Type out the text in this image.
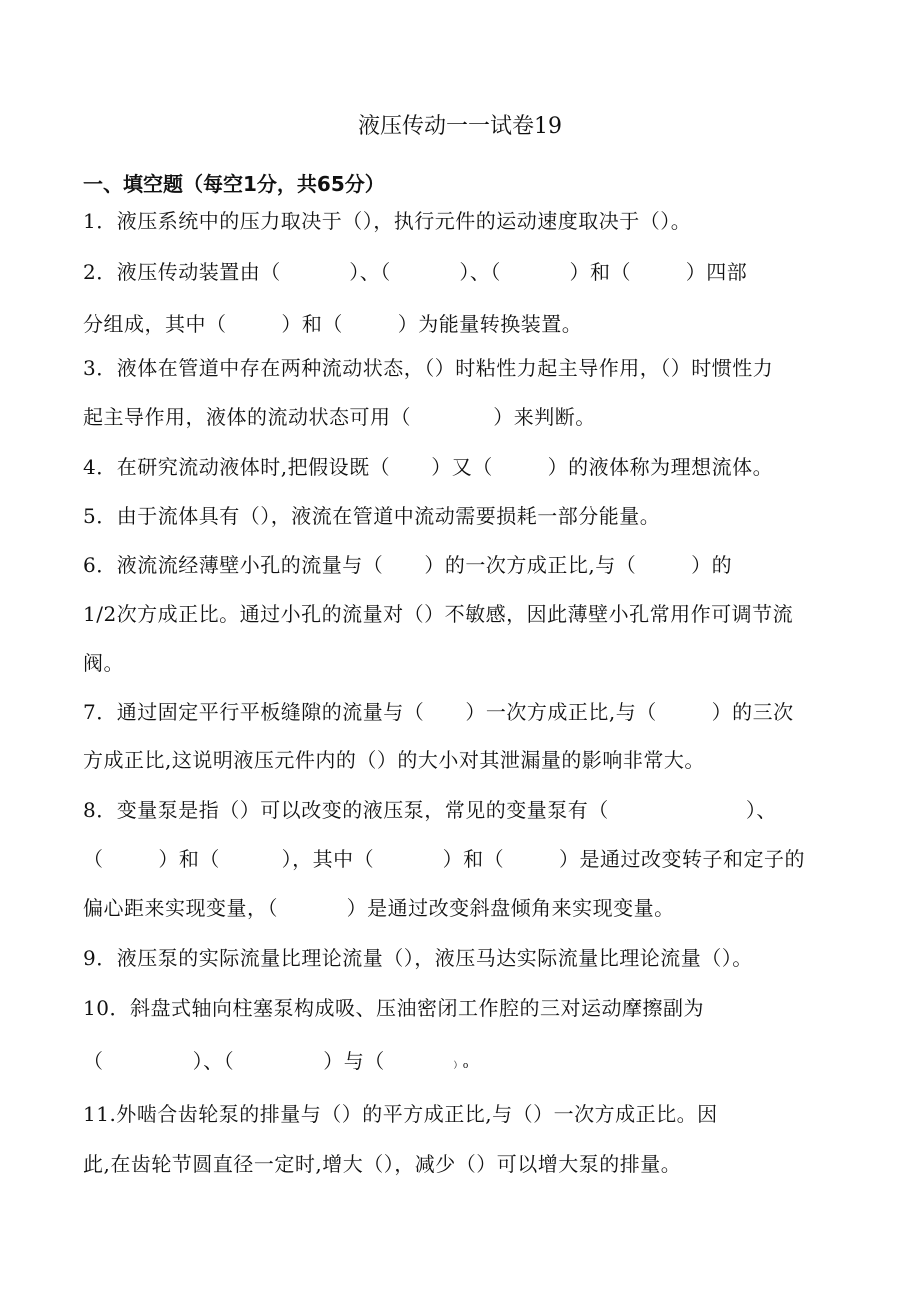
液压传动一一试卷19
一、填空题（每空1分，共65分）
1．液压系统中的压力取决于（），执行元件的运动速度取决于（）。
2．液压传动装置由（          ）、（          ）、（          ）和（        ）四部
分组成，其中（        ）和（        ）为能量转换装置。
3．液体在管道中存在两种流动状态，（）时粘性力起主导作用，（）时惯性力
起主导作用，液体的流动状态可用（            ）来判断。
4．在研究流动液体时,把假设既（      ）又（        ）的液体称为理想流体。
5．由于流体具有（），液流在管道中流动需要损耗一部分能量。
6．液流流经薄壁小孔的流量与（      ）的一次方成正比,与（        ）的
1/2次方成正比。通过小孔的流量对（）不敏感，因此薄壁小孔常用作可调节流
阀。
7．通过固定平行平板缝隙的流量与（      ）一次方成正比,与（        ）的三次
方成正比,这说明液压元件内的（）的大小对其泄漏量的影响非常大。
8．变量泵是指（）可以改变的液压泵，常见的变量泵有（                    ）、
（        ）和（         ），其中（          ）和（        ）是通过改变转子和定子的
偏心距来实现变量，（          ）是通过改变斜盘倾角来实现变量。
9．液压泵的实际流量比理论流量（），液压马达实际流量比理论流量（）。
10．斜盘式轴向柱塞泵构成吸、压油密闭工作腔的三对运动摩擦副为
（             ）、（             ）与（          ）o
11.外啮合齿轮泵的排量与（）的平方成正比,与（）一次方成正比。因
此,在齿轮节圆直径一定时,增大（），减少（）可以增大泵的排量。
